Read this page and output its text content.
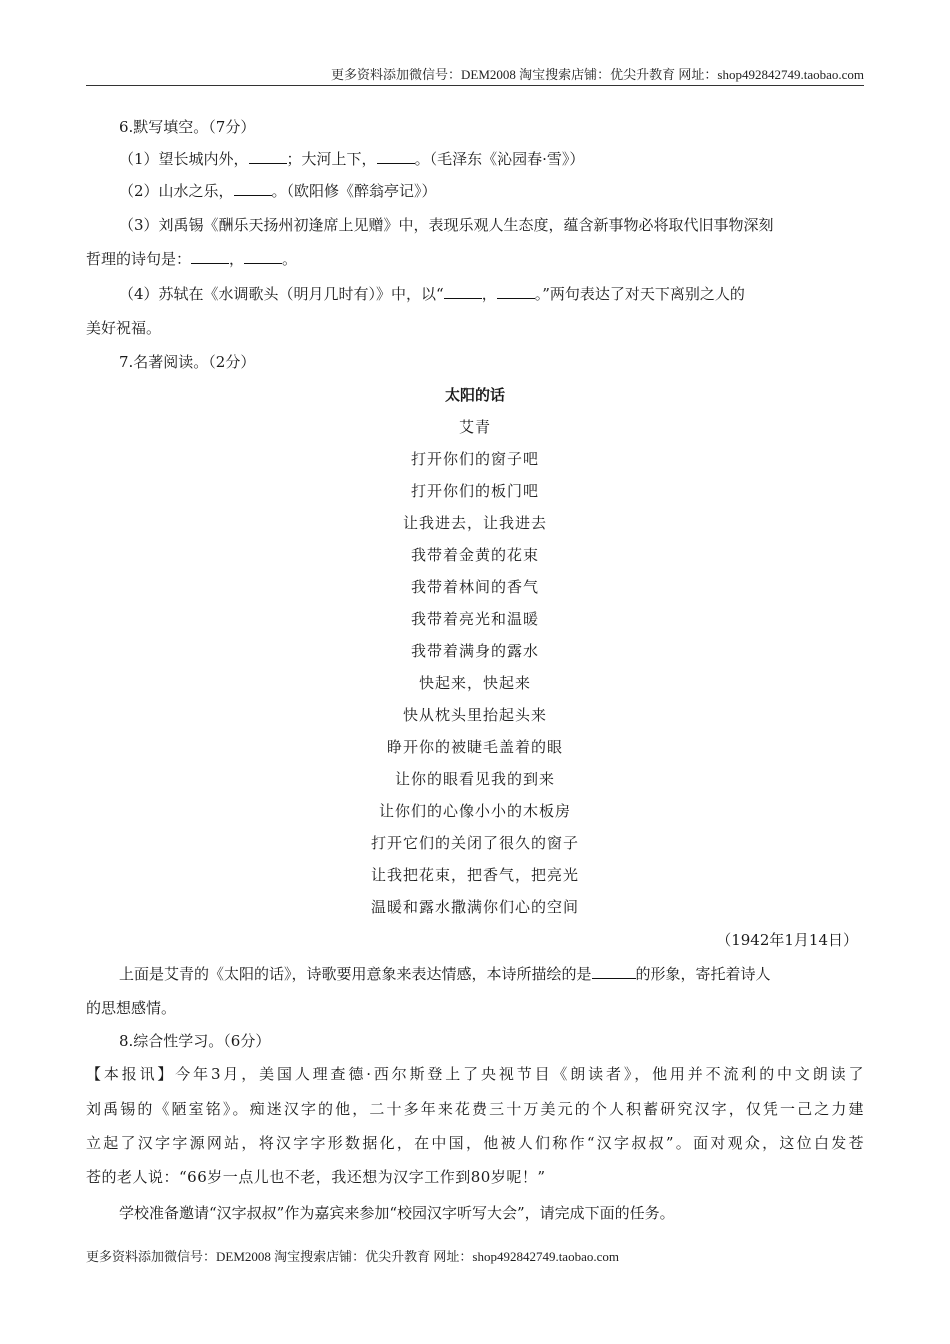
更多资料添加微信号：DEM2008 淘宝搜索店铺：优尖升教育 网址：shop492842749.taobao.com
6.默写填空。（7分）
（1）望长城内外，	；大河上下，	。（毛泽东《沁园春·雪》）
（2）山水之乐，	。（欧阳修《醉翁亭记》）
（3）刘禹锡《酬乐天扬州初逢席上见赠》中，表现乐观人生态度，蕴含新事物必将取代旧事物深刻
哲理的诗句是：	，	。
（4）苏轼在《水调歌头（明月几时有）》中，以“	，	。”两句表达了对天下离别之人的
美好祝福。
7.名著阅读。（2分）
太阳的话
艾青
打开你们的窗子吧
打开你们的板门吧
让我进去，让我进去
我带着金黄的花束
我带着林间的香气
我带着亮光和温暖
我带着满身的露水
快起来，快起来
快从枕头里抬起头来
睁开你的被睫毛盖着的眼
让你的眼看见我的到来
让你们的心像小小的木板房
打开它们的关闭了很久的窗子
让我把花束，把香气，把亮光
温暖和露水撒满你们心的空间
（1942年1月14日）
上面是艾青的《太阳的话》，诗歌要用意象来表达情感，本诗所描绘的是	的形象，寄托着诗人
的思想感情。
8.综合性学习。（6分）
【本报讯】今年3月，美国人理查德·西尔斯登上了央视节目《朗读者》，他用并不流利的中文朗读了
刘禹锡的《陋室铭》。痴迷汉字的他，二十多年来花费三十万美元的个人积蓄研究汉字，仅凭一己之力建
立起了汉字字源网站，将汉字字形数据化，在中国，他被人们称作“汉字叔叔”。面对观众，这位白发苍
苍的老人说：“66岁一点儿也不老，我还想为汉字工作到80岁呢！”
学校准备邀请“汉字叔叔”作为嘉宾来参加“校园汉字听写大会”，请完成下面的任务。
更多资料添加微信号：DEM2008 淘宝搜索店铺：优尖升教育 网址：shop492842749.taobao.com
